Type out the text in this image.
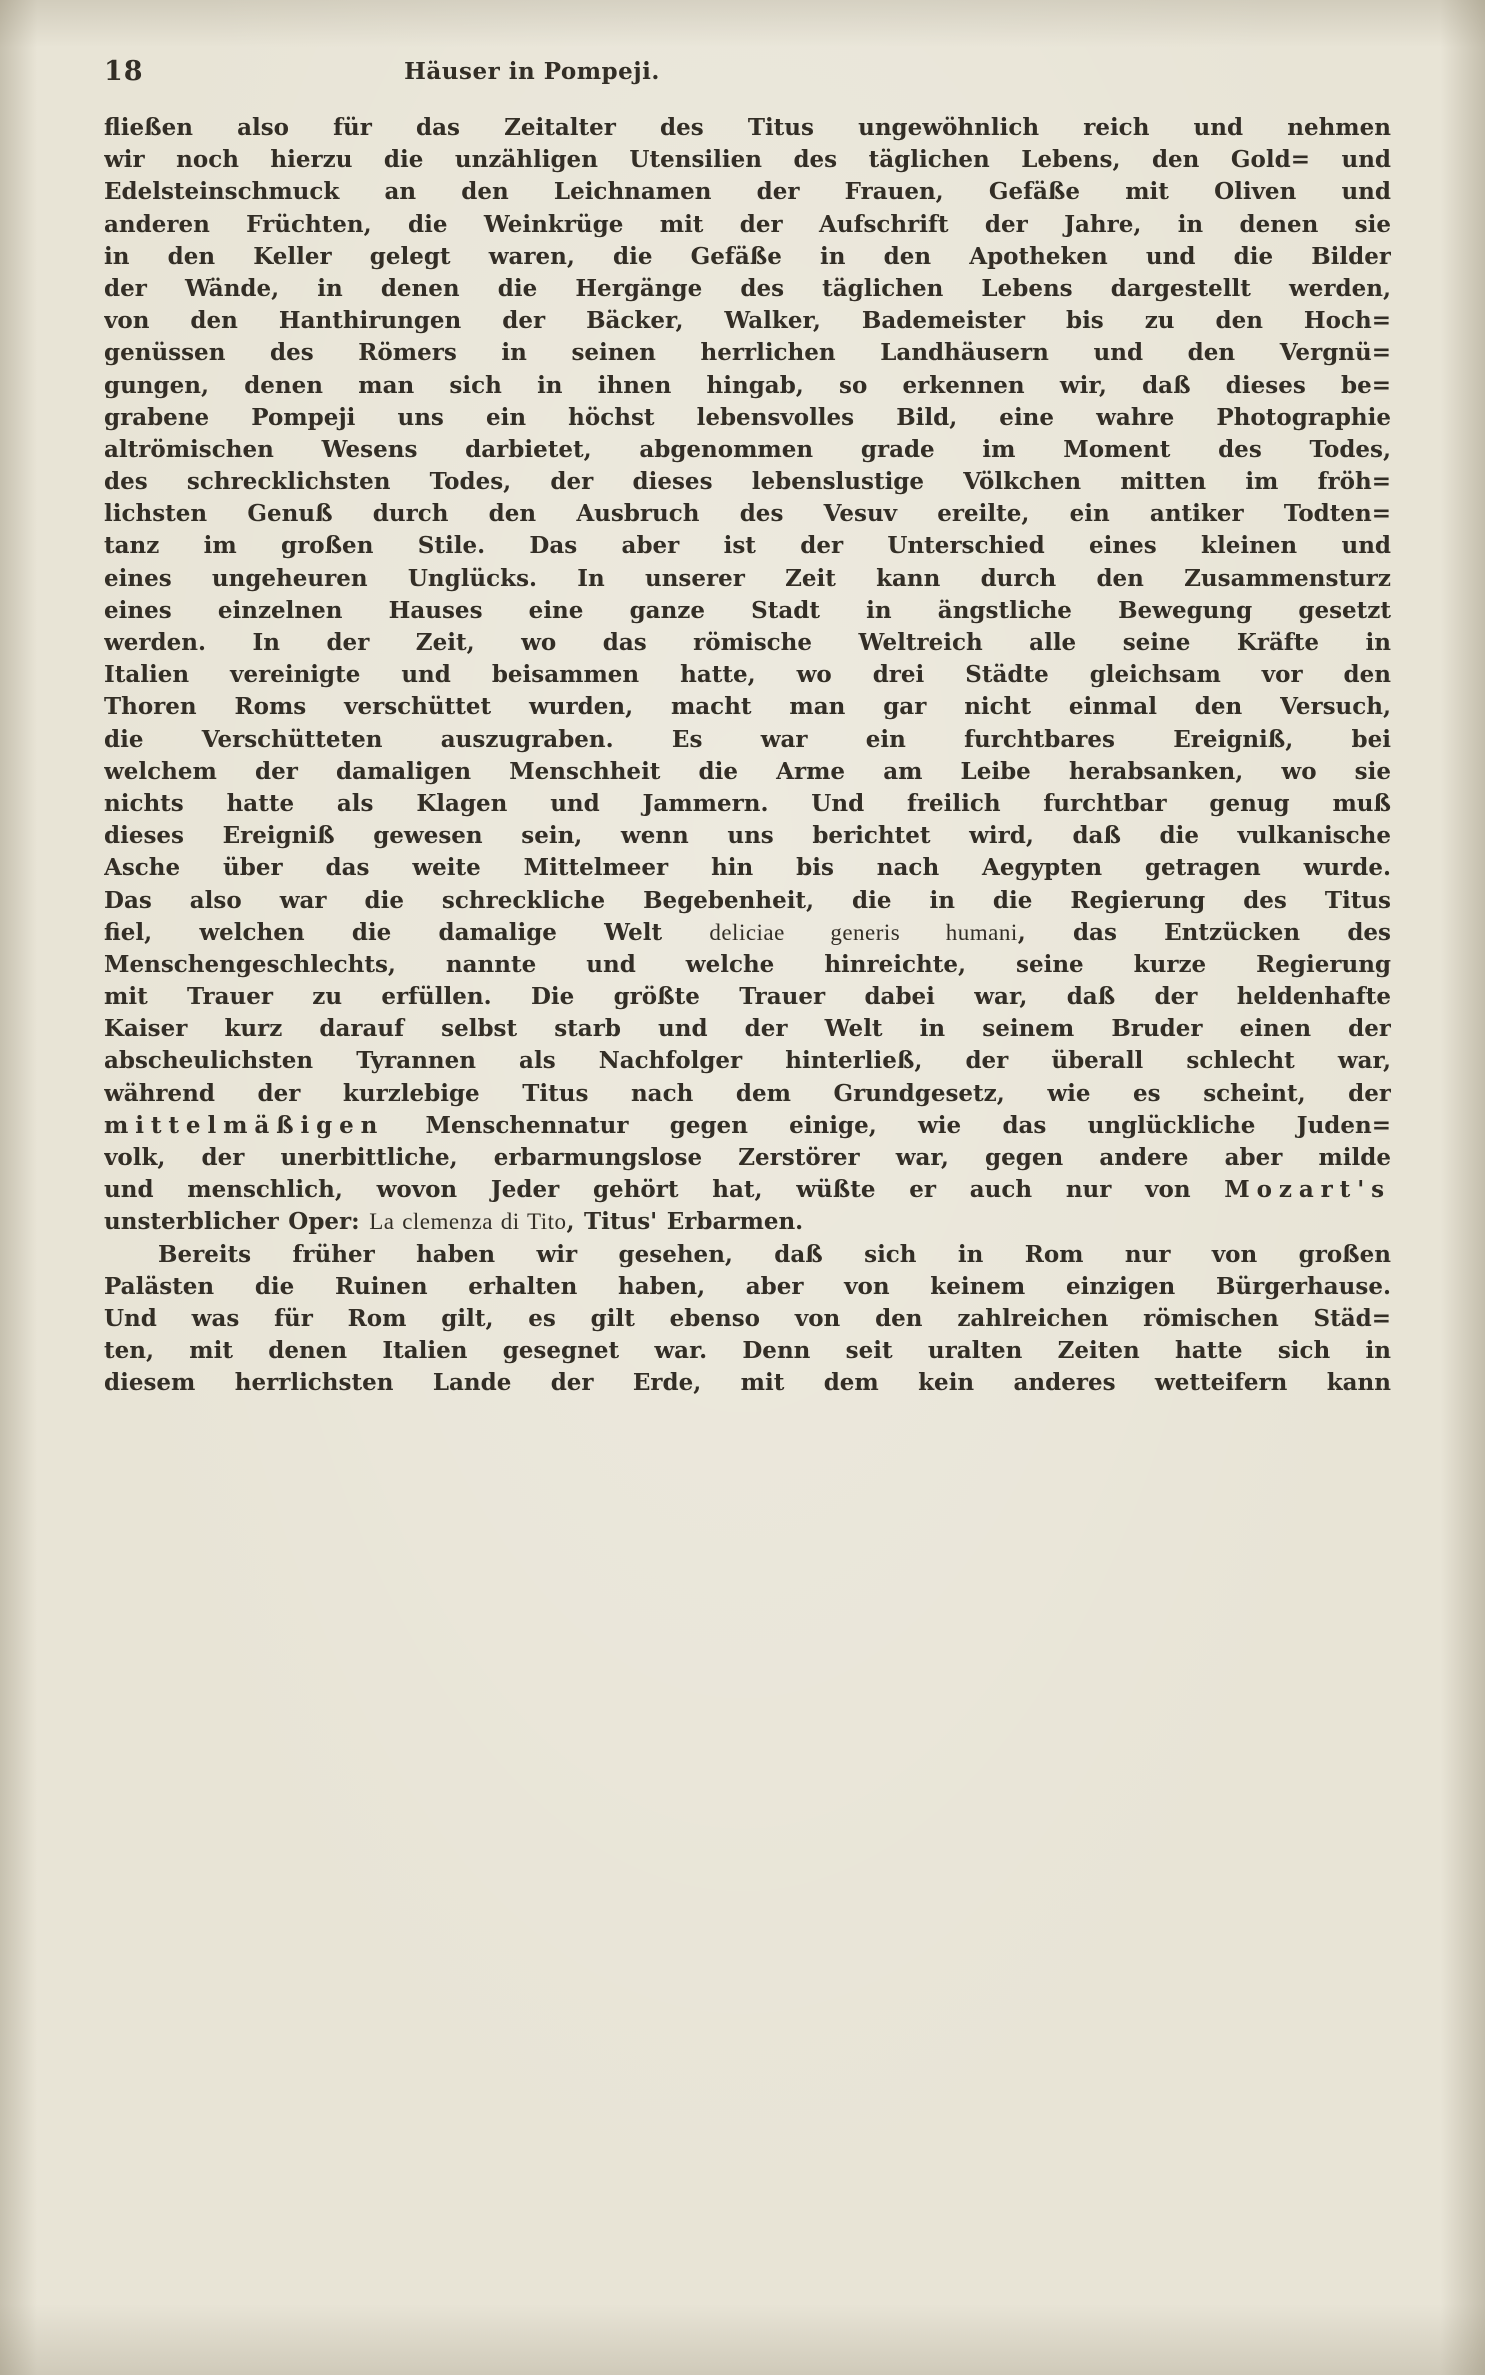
18	Häuser in Pompeji.
fließen also für das Zeitalter des Titus ungewöhnlich reich und nehmen
wir noch hierzu die unzähligen Utensilien des täglichen Lebens, den Gold= und
Edelsteinschmuck an den Leichnamen der Frauen, Gefäße mit Oliven und
anderen Früchten, die Weinkrüge mit der Aufschrift der Jahre, in denen sie
in den Keller gelegt waren, die Gefäße in den Apotheken und die Bilder
der Wände, in denen die Hergänge des täglichen Lebens dargestellt werden,
von den Hanthirungen der Bäcker, Walker, Bademeister bis zu den Hoch=
genüssen des Römers in seinen herrlichen Landhäusern und den Vergnü=
gungen, denen man sich in ihnen hingab, so erkennen wir, daß dieses be=
grabene Pompeji uns ein höchst lebensvolles Bild, eine wahre Photographie
altrömischen Wesens darbietet, abgenommen grade im Moment des Todes,
des schrecklichsten Todes, der dieses lebenslustige Völkchen mitten im fröh=
lichsten Genuß durch den Ausbruch des Vesuv ereilte, ein antiker Todten=
tanz im großen Stile. Das aber ist der Unterschied eines kleinen und
eines ungeheuren Unglücks. In unserer Zeit kann durch den Zusammensturz
eines einzelnen Hauses eine ganze Stadt in ängstliche Bewegung gesetzt
werden. In der Zeit, wo das römische Weltreich alle seine Kräfte in
Italien vereinigte und beisammen hatte, wo drei Städte gleichsam vor den
Thoren Roms verschüttet wurden, macht man gar nicht einmal den Versuch,
die Verschütteten auszugraben. Es war ein furchtbares Ereigniß, bei
welchem der damaligen Menschheit die Arme am Leibe herabsanken, wo sie
nichts hatte als Klagen und Jammern. Und freilich furchtbar genug muß
dieses Ereigniß gewesen sein, wenn uns berichtet wird, daß die vulkanische
Asche über das weite Mittelmeer hin bis nach Aegypten getragen wurde.
Das also war die schreckliche Begebenheit, die in die Regierung des Titus
fiel, welchen die damalige Welt deliciae generis humani, das Entzücken des
Menschengeschlechts, nannte und welche hinreichte, seine kurze Regierung
mit Trauer zu erfüllen. Die größte Trauer dabei war, daß der heldenhafte
Kaiser kurz darauf selbst starb und der Welt in seinem Bruder einen der
abscheulichsten Tyrannen als Nachfolger hinterließ, der überall schlecht war,
während der kurzlebige Titus nach dem Grundgesetz, wie es scheint, der
mittelmäßigen Menschennatur gegen einige, wie das unglückliche Juden=
volk, der unerbittliche, erbarmungslose Zerstörer war, gegen andere aber milde
und menschlich, wovon Jeder gehört hat, wüßte er auch nur von Mozart's
unsterblicher Oper: La clemenza di Tito, Titus' Erbarmen.
Bereits früher haben wir gesehen, daß sich in Rom nur von großen
Palästen die Ruinen erhalten haben, aber von keinem einzigen Bürgerhause.
Und was für Rom gilt, es gilt ebenso von den zahlreichen römischen Städ=
ten, mit denen Italien gesegnet war. Denn seit uralten Zeiten hatte sich in
diesem herrlichsten Lande der Erde, mit dem kein anderes wetteifern kann
